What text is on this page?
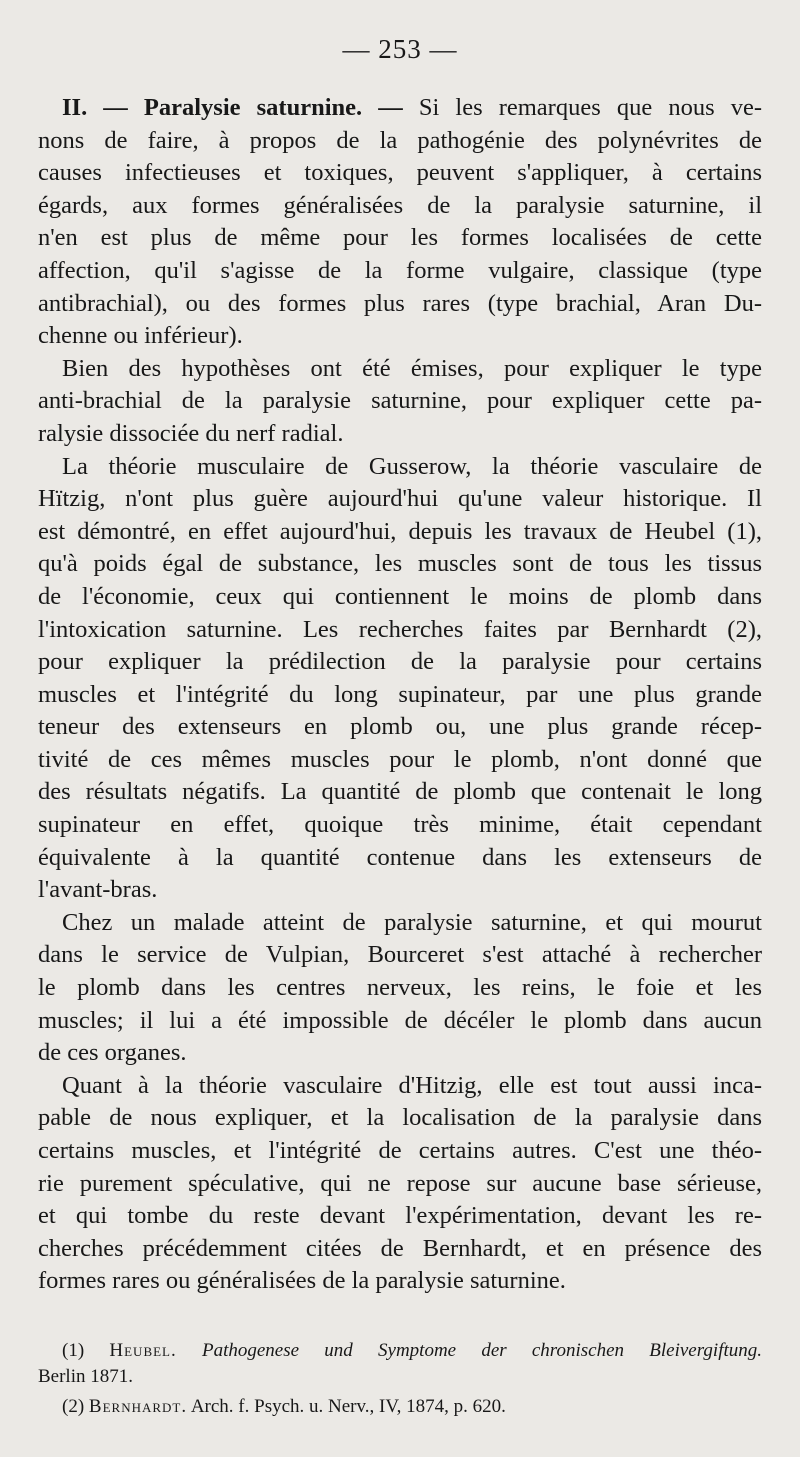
— 253 —
II. — Paralysie saturnine. — Si les remarques que nous ve-
nons de faire, à propos de la pathogénie des polynévrites de
causes infectieuses et toxiques, peuvent s'appliquer, à certains
égards, aux formes généralisées de la paralysie saturnine, il
n'en est plus de même pour les formes localisées de cette
affection, qu'il s'agisse de la forme vulgaire, classique (type
antibrachial), ou des formes plus rares (type brachial, Aran Du-
chenne ou inférieur).
Bien des hypothèses ont été émises, pour expliquer le type
anti-brachial de la paralysie saturnine, pour expliquer cette pa-
ralysie dissociée du nerf radial.
La théorie musculaire de Gusserow, la théorie vasculaire de
Hïtzig, n'ont plus guère aujourd'hui qu'une valeur historique. Il
est démontré, en effet aujourd'hui, depuis les travaux de Heubel (1),
qu'à poids égal de substance, les muscles sont de tous les tissus
de l'économie, ceux qui contiennent le moins de plomb dans
l'intoxication saturnine. Les recherches faites par Bernhardt (2),
pour expliquer la prédilection de la paralysie pour certains
muscles et l'intégrité du long supinateur, par une plus grande
teneur des extenseurs en plomb ou, une plus grande récep-
tivité de ces mêmes muscles pour le plomb, n'ont donné que
des résultats négatifs. La quantité de plomb que contenait le long
supinateur en effet, quoique très minime, était cependant
équivalente à la quantité contenue dans les extenseurs de
l'avant-bras.
Chez un malade atteint de paralysie saturnine, et qui mourut
dans le service de Vulpian, Bourceret s'est attaché à rechercher
le plomb dans les centres nerveux, les reins, le foie et les
muscles; il lui a été impossible de décéler le plomb dans aucun
de ces organes.
Quant à la théorie vasculaire d'Hitzig, elle est tout aussi inca-
pable de nous expliquer, et la localisation de la paralysie dans
certains muscles, et l'intégrité de certains autres. C'est une théo-
rie purement spéculative, qui ne repose sur aucune base sérieuse,
et qui tombe du reste devant l'expérimentation, devant les re-
cherches précédemment citées de Bernhardt, et en présence des
formes rares ou généralisées de la paralysie saturnine.
(1) Heubel. Pathogenese und Symptome der chronischen Bleivergiftung.
Berlin 1871.
(2) Bernhardt. Arch. f. Psych. u. Nerv., IV, 1874, p. 620.
